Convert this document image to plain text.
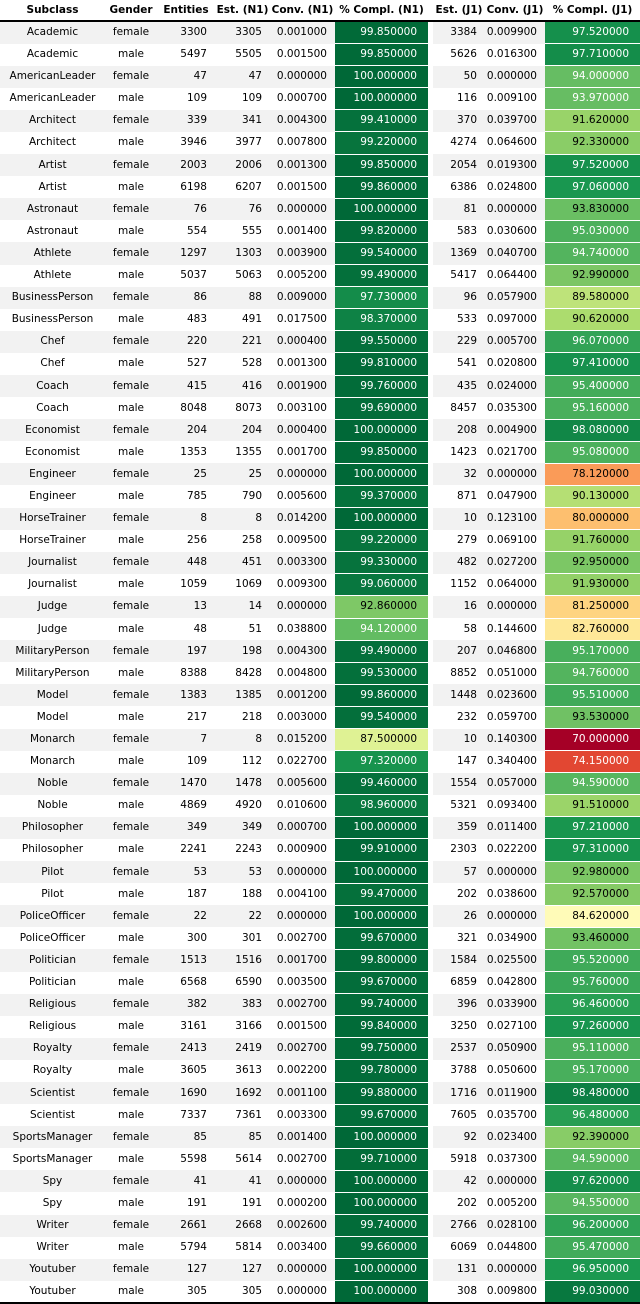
Subclass	Gender	Entities	Est. (N1)	Conv. (N1)	% Compl. (N1)		Est. (J1)	Conv. (J1)	% Compl. (J1)
Academic	female	3300	3305	0.001000	99.850000		3384	0.009900	97.520000
Academic	male	5497	5505	0.001500	99.850000		5626	0.016300	97.710000
AmericanLeader	female	47	47	0.000000	100.000000		50	0.000000	94.000000
AmericanLeader	male	109	109	0.000700	100.000000		116	0.009100	93.970000
Architect	female	339	341	0.004300	99.410000		370	0.039700	91.620000
Architect	male	3946	3977	0.007800	99.220000		4274	0.064600	92.330000
Artist	female	2003	2006	0.001300	99.850000		2054	0.019300	97.520000
Artist	male	6198	6207	0.001500	99.860000		6386	0.024800	97.060000
Astronaut	female	76	76	0.000000	100.000000		81	0.000000	93.830000
Astronaut	male	554	555	0.001400	99.820000		583	0.030600	95.030000
Athlete	female	1297	1303	0.003900	99.540000		1369	0.040700	94.740000
Athlete	male	5037	5063	0.005200	99.490000		5417	0.064400	92.990000
BusinessPerson	female	86	88	0.009000	97.730000		96	0.057900	89.580000
BusinessPerson	male	483	491	0.017500	98.370000		533	0.097000	90.620000
Chef	female	220	221	0.000400	99.550000		229	0.005700	96.070000
Chef	male	527	528	0.001300	99.810000		541	0.020800	97.410000
Coach	female	415	416	0.001900	99.760000		435	0.024000	95.400000
Coach	male	8048	8073	0.003100	99.690000		8457	0.035300	95.160000
Economist	female	204	204	0.000400	100.000000		208	0.004900	98.080000
Economist	male	1353	1355	0.001700	99.850000		1423	0.021700	95.080000
Engineer	female	25	25	0.000000	100.000000		32	0.000000	78.120000
Engineer	male	785	790	0.005600	99.370000		871	0.047900	90.130000
HorseTrainer	female	8	8	0.014200	100.000000		10	0.123100	80.000000
HorseTrainer	male	256	258	0.009500	99.220000		279	0.069100	91.760000
Journalist	female	448	451	0.003300	99.330000		482	0.027200	92.950000
Journalist	male	1059	1069	0.009300	99.060000		1152	0.064000	91.930000
Judge	female	13	14	0.000000	92.860000		16	0.000000	81.250000
Judge	male	48	51	0.038800	94.120000		58	0.144600	82.760000
MilitaryPerson	female	197	198	0.004300	99.490000		207	0.046800	95.170000
MilitaryPerson	male	8388	8428	0.004800	99.530000		8852	0.051000	94.760000
Model	female	1383	1385	0.001200	99.860000		1448	0.023600	95.510000
Model	male	217	218	0.003000	99.540000		232	0.059700	93.530000
Monarch	female	7	8	0.015200	87.500000		10	0.140300	70.000000
Monarch	male	109	112	0.022700	97.320000		147	0.340400	74.150000
Noble	female	1470	1478	0.005600	99.460000		1554	0.057000	94.590000
Noble	male	4869	4920	0.010600	98.960000		5321	0.093400	91.510000
Philosopher	female	349	349	0.000700	100.000000		359	0.011400	97.210000
Philosopher	male	2241	2243	0.000900	99.910000		2303	0.022200	97.310000
Pilot	female	53	53	0.000000	100.000000		57	0.000000	92.980000
Pilot	male	187	188	0.004100	99.470000		202	0.038600	92.570000
PoliceOfficer	female	22	22	0.000000	100.000000		26	0.000000	84.620000
PoliceOfficer	male	300	301	0.002700	99.670000		321	0.034900	93.460000
Politician	female	1513	1516	0.001700	99.800000		1584	0.025500	95.520000
Politician	male	6568	6590	0.003500	99.670000		6859	0.042800	95.760000
Religious	female	382	383	0.002700	99.740000		396	0.033900	96.460000
Religious	male	3161	3166	0.001500	99.840000		3250	0.027100	97.260000
Royalty	female	2413	2419	0.002700	99.750000		2537	0.050900	95.110000
Royalty	male	3605	3613	0.002200	99.780000		3788	0.050600	95.170000
Scientist	female	1690	1692	0.001100	99.880000		1716	0.011900	98.480000
Scientist	male	7337	7361	0.003300	99.670000		7605	0.035700	96.480000
SportsManager	female	85	85	0.001400	100.000000		92	0.023400	92.390000
SportsManager	male	5598	5614	0.002700	99.710000		5918	0.037300	94.590000
Spy	female	41	41	0.000000	100.000000		42	0.000000	97.620000
Spy	male	191	191	0.000200	100.000000		202	0.005200	94.550000
Writer	female	2661	2668	0.002600	99.740000		2766	0.028100	96.200000
Writer	male	5794	5814	0.003400	99.660000		6069	0.044800	95.470000
Youtuber	female	127	127	0.000000	100.000000		131	0.000000	96.950000
Youtuber	male	305	305	0.000000	100.000000		308	0.009800	99.030000
